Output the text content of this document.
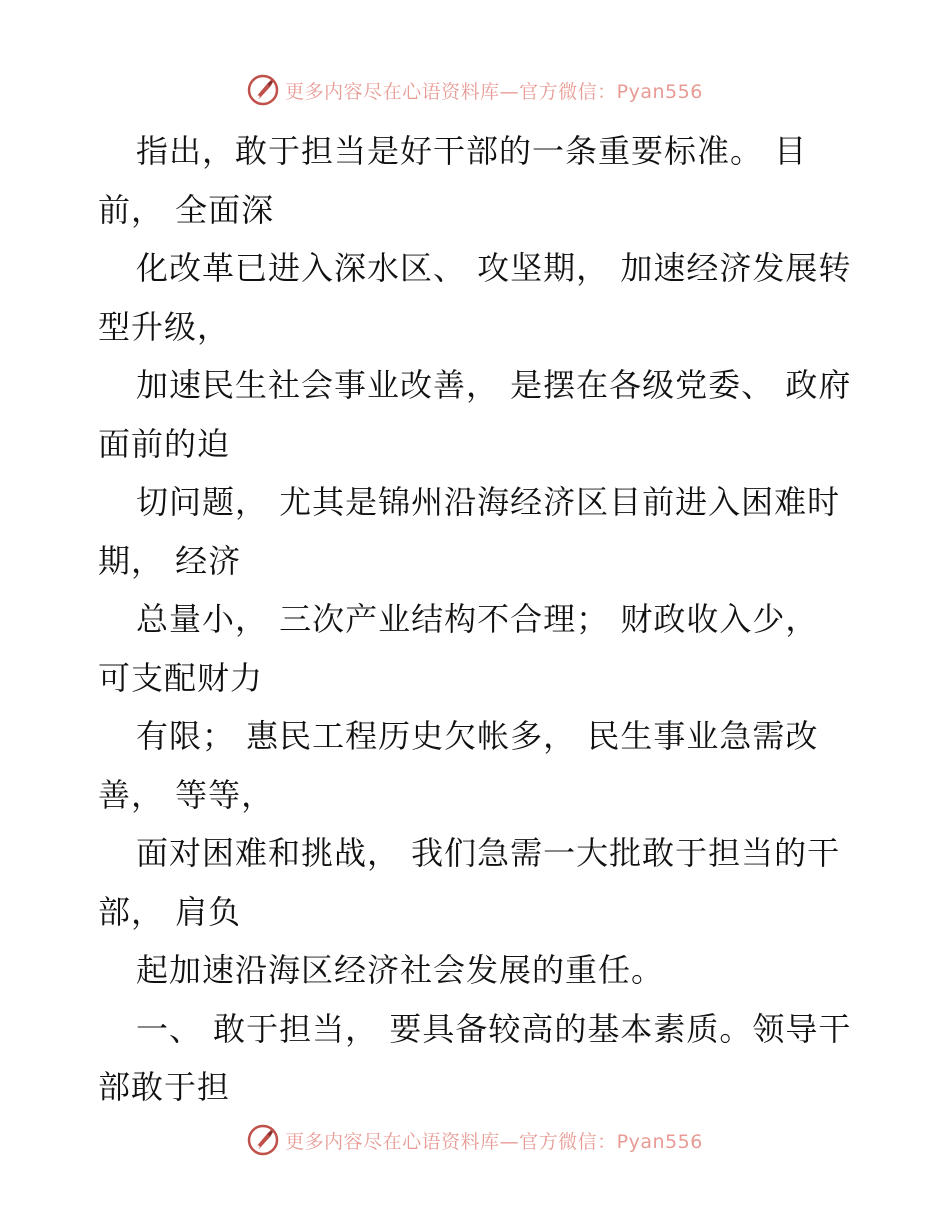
更多内容尽在心语资料库—官方微信：Pyan556

指出，敢于担当是好干部的一条重要标准。 目前， 全面深

化改革已进入深水区、 攻坚期， 加速经济发展转型升级，

加速民生社会事业改善， 是摆在各级党委、 政府面前的迫

切问题， 尤其是锦州沿海经济区目前进入困难时期， 经济

总量小， 三次产业结构不合理； 财政收入少， 可支配财力

有限； 惠民工程历史欠帐多， 民生事业急需改善， 等等，

面对困难和挑战， 我们急需一大批敢于担当的干部， 肩负

起加速沿海区经济社会发展的重任。

一、 敢于担当， 要具备较高的基本素质。领导干部敢于担

更多内容尽在心语资料库—官方微信：Pyan556
